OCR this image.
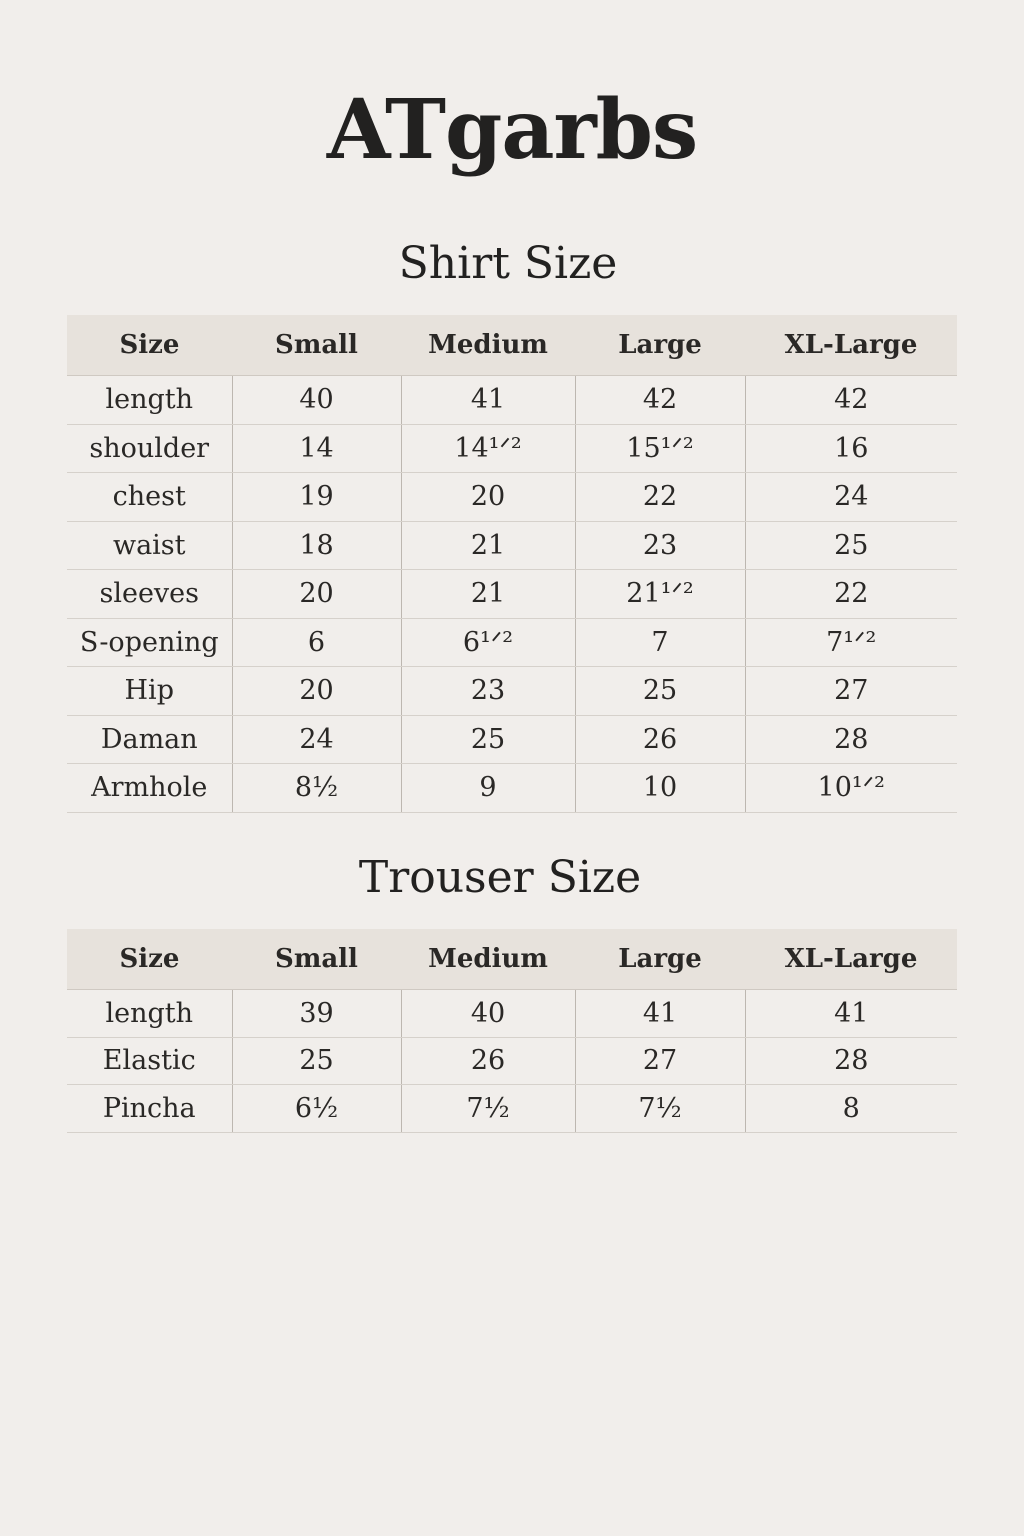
ATgarbs
Shirt Size
Size	Small	Medium	Large	XL-Large
length	40	41	42	42
shoulder	14	14¹ᐟ²	15¹ᐟ²	16
chest	19	20	22	24
waist	18	21	23	25
sleeves	20	21	21¹ᐟ²	22
S-opening	6	6¹ᐟ²	7	7¹ᐟ²
Hip	20	23	25	27
Daman	24	25	26	28
Armhole	8½	9	10	10¹ᐟ²
Trouser Size
Size	Small	Medium	Large	XL-Large
length	39	40	41	41
Elastic	25	26	27	28
Pincha	6½	7½	7½	8
